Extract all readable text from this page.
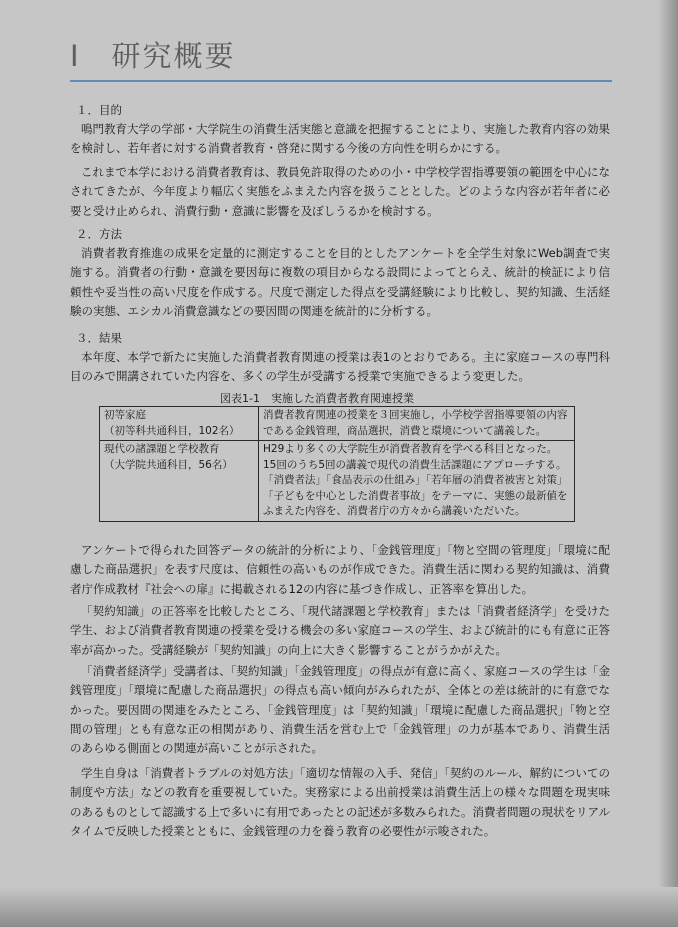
Ⅰ　研究概要
１．目的
鳴門教育大学の学部・大学院生の消費生活実態と意識を把握することにより、実施した教育内容の効果を検討し、若年者に対する消費者教育・啓発に関する今後の方向性を明らかにする。
これまで本学における消費者教育は、教員免許取得のための小・中学校学習指導要領の範囲を中心になされてきたが、今年度より幅広く実態をふまえた内容を扱うこととした。どのような内容が若年者に必要と受け止められ、消費行動・意識に影響を及ぼしうるかを検討する。
２．方法
消費者教育推進の成果を定量的に測定することを目的としたアンケートを全学生対象にWeb調査で実施する。消費者の行動・意識を要因毎に複数の項目からなる設問によってとらえ、統計的検証により信頼性や妥当性の高い尺度を作成する。尺度で測定した得点を受講経験により比較し、契約知識、生活経験の実態、エシカル消費意識などの要因間の関連を統計的に分析する。
３．結果
本年度、本学で新たに実施した消費者教育関連の授業は表1のとおりである。主に家庭コースの専門科目のみで開講されていた内容を、多くの学生が受講する授業で実施できるよう変更した。
図表1-1　実施した消費者教育関連授業
初等家庭
（初等科共通科目，102名）	消費者教育関連の授業を３回実施し，小学校学習指導要領の内容である金銭管理，商品選択，消費と環境について講義した。

現代の諸課題と学校教育
（大学院共通科目，56名）	H29より多くの大学院生が消費者教育を学べる科目となった。15回のうち5回の講義で現代の消費生活課題にアプローチする。「消費者法」「食品表示の仕組み」「若年層の消費者被害と対策」「子どもを中心とした消費者事故」をテーマに、実態の最新値をふまえた内容を、消費者庁の方々から講義いただいた。
アンケートで得られた回答データの統計的分析により、「金銭管理度」「物と空間の管理度」「環境に配慮した商品選択」を表す尺度は、信頼性の高いものが作成できた。消費生活に関わる契約知識は、消費者庁作成教材『社会への扉』に掲載される12の内容に基づき作成し、正答率を算出した。
「契約知識」の正答率を比較したところ、「現代諸課題と学校教育」または「消費者経済学」を受けた学生、および消費者教育関連の授業を受ける機会の多い家庭コースの学生、および統計的にも有意に正答率が高かった。受講経験が「契約知識」の向上に大きく影響することがうかがえた。
「消費者経済学」受講者は、「契約知識」「金銭管理度」の得点が有意に高く、家庭コースの学生は「金銭管理度」「環境に配慮した商品選択」の得点も高い傾向がみられたが、全体との差は統計的に有意でなかった。要因間の関連をみたところ、「金銭管理度」は「契約知識」「環境に配慮した商品選択」「物と空間の管理」とも有意な正の相関があり、消費生活を営む上で「金銭管理」の力が基本であり、消費生活のあらゆる側面との関連が高いことが示された。
学生自身は「消費者トラブルの対処方法」「適切な情報の入手、発信」「契約のルール、解約についての制度や方法」などの教育を重要視していた。実務家による出前授業は消費生活上の様々な問題を現実味のあるものとして認識する上で多いに有用であったとの記述が多数みられた。消費者問題の現状をリアルタイムで反映した授業とともに、金銭管理の力を養う教育の必要性が示唆された。
